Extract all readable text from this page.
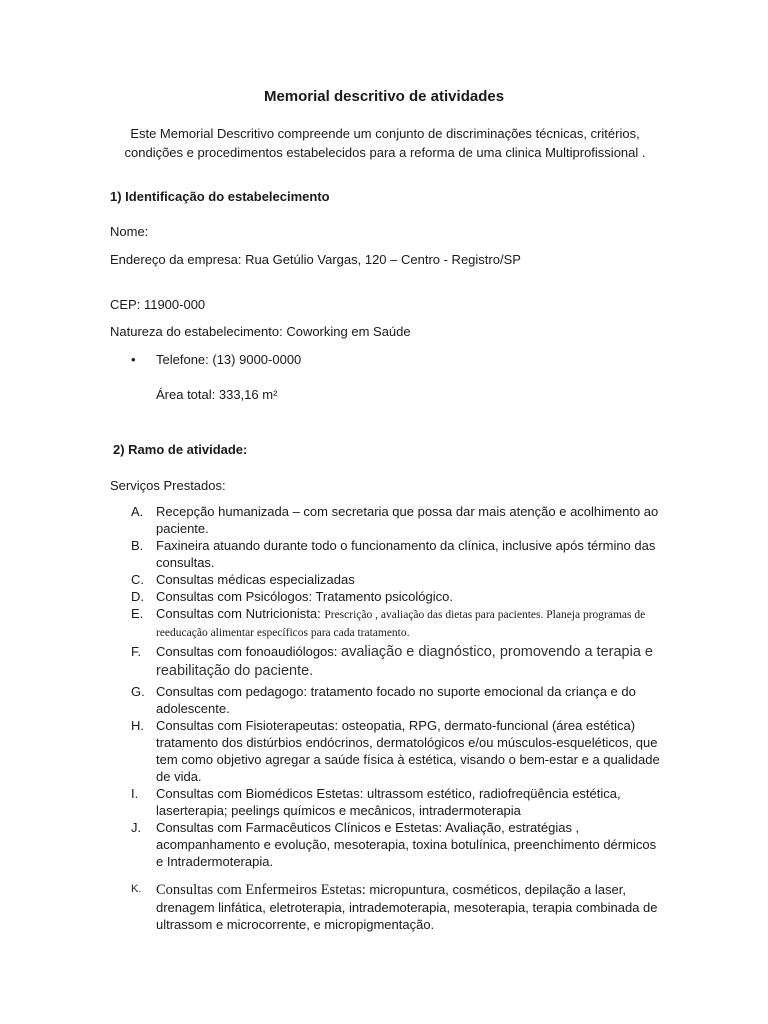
Memorial descritivo de atividades
Este Memorial Descritivo compreende um conjunto de discriminações técnicas, critérios, condições e procedimentos estabelecidos para a reforma de uma clinica Multiprofissional .
1) Identificação do estabelecimento
Nome:
Endereço da empresa: Rua Getúlio Vargas, 120 – Centro - Registro/SP
CEP: 11900-000
Natureza do estabelecimento: Coworking em Saúde
• Telefone: (13) 9000-0000
Área total: 333,16 m²
2) Ramo de atividade:
Serviços Prestados:
A. Recepção humanizada – com secretaria que possa dar mais atenção e acolhimento ao paciente.
B. Faxineira atuando durante todo o funcionamento da clínica, inclusive após término das consultas.
C. Consultas médicas especializadas
D. Consultas com Psicólogos: Tratamento psicológico.
E. Consultas com Nutricionista: Prescrição , avaliação das dietas para pacientes. Planeja programas de reeducação alimentar específicos para cada tratamento.
F.	Consultas com fonoaudiólogos: avaliação e diagnóstico, promovendo a terapia e reabilitação do paciente.
G. Consultas com pedagogo: tratamento focado no suporte emocional da criança e do adolescente.
H. Consultas com Fisioterapeutas: osteopatia, RPG, dermato-funcional (área estética) tratamento dos distúrbios endócrinos, dermatológicos e/ou músculos-esqueléticos, que tem como objetivo agregar a saúde física à estética, visando o bem-estar e a qualidade de vida.
I.	Consultas com Biomédicos Estetas: ultrassom estético, radiofreqüência estética, laserterapia; peelings químicos e mecânicos, intradermoterapia
J.	Consultas com Farmacêuticos Clínicos e Estetas: Avaliação, estratégias , acompanhamento e evolução, mesoterapia, toxina botulínica, preenchimento dérmicos e Intradermoterapia.
K.	Consultas com Enfermeiros Estetas: micropuntura, cosméticos, depilação a laser, drenagem linfática, eletroterapia, intrademoterapia, mesoterapia, terapia combinada de ultrassom e microcorrente, e micropigmentação.
